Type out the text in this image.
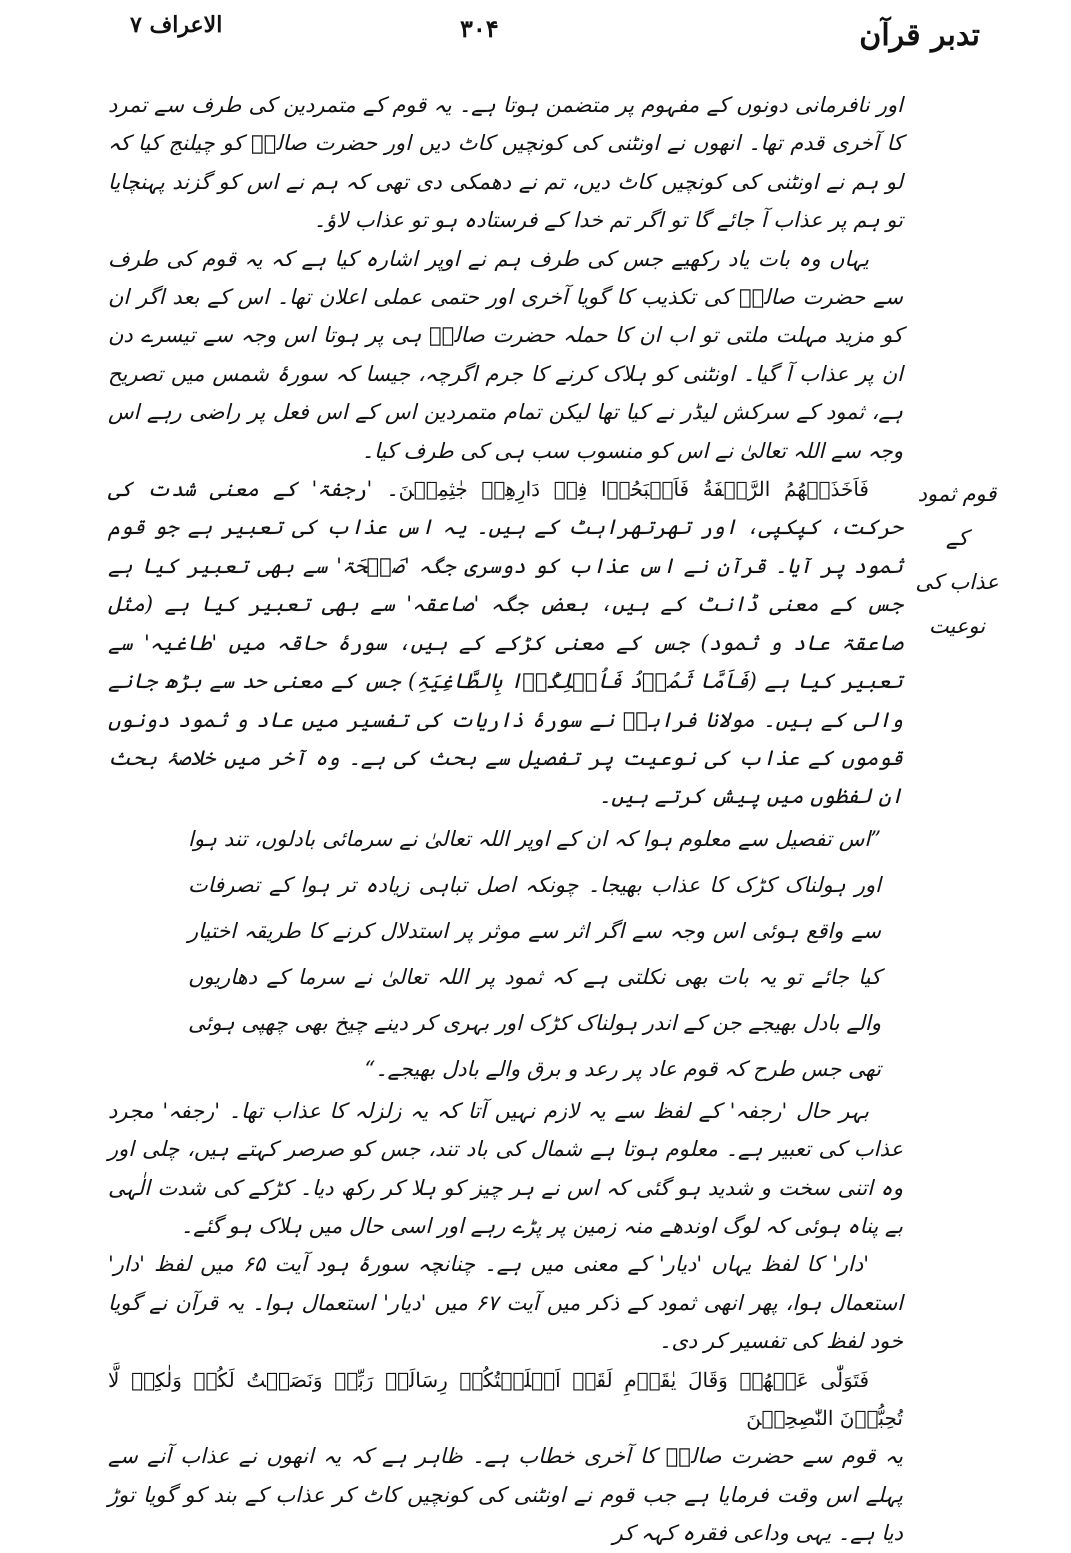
الاعراف ۷	۳۰۴	تدبر قرآن
قوم ثمود کے
عذاب کی
نوعیت

اور نافرمانی دونوں کے مفہوم پر متضمن ہوتا ہے۔ یہ قوم کے متمردین کی طرف سے تمرد کا آخری قدم تھا۔ انھوں نے اونٹنی کی کونچیں کاٹ دیں اور حضرت صالحؑ کو چیلنج کیا کہ لو ہم نے اونٹنی کی کونچیں کاٹ دیں، تم نے دھمکی دی تھی کہ ہم نے اس کو گزند پہنچایا تو ہم پر عذاب آ جائے گا تو اگر تم خدا کے فرستادہ ہو تو عذاب لاؤ۔

یہاں وہ بات یاد رکھیے جس کی طرف ہم نے اوپر اشارہ کیا ہے کہ یہ قوم کی طرف سے حضرت صالحؑ کی تکذیب کا گویا آخری اور حتمی عملی اعلان تھا۔ اس کے بعد اگر ان کو مزید مہلت ملتی تو اب ان کا حملہ حضرت صالحؑ ہی پر ہوتا اس وجہ سے تیسرے دن ان پر عذاب آ گیا۔ اونٹنی کو ہلاک کرنے کا جرم اگرچہ، جیسا کہ سورۂ شمس میں تصریح ہے، ثمود کے سرکش لیڈر نے کیا تھا لیکن تمام متمردین اس کے اس فعل پر راضی رہے اس وجہ سے اللہ تعالیٰ نے اس کو منسوب سب ہی کی طرف کیا۔

فَاَخَذَتۡهُمُ الرَّجۡفَةُ فَاَصۡبَحُوۡا فِیۡ دَارِهِمۡ جٰثِمِیۡنَ۔ 'رجفۃ' کے معنی شدت کی حرکت، کپکپی، اور تھرتھراہٹ کے ہیں۔ یہ اس عذاب کی تعبیر ہے جو قوم ثمود پر آیا۔ قرآن نے اس عذاب کو دوسری جگہ 'صَیۡحَۃ' سے بھی تعبیر کیا ہے جس کے معنی ڈانٹ کے ہیں، بعض جگہ 'صاعقہ' سے بھی تعبیر کیا ہے (مثل صاعقۃ عاد و ثمود) جس کے معنی کڑکے کے ہیں، سورۂ حاقہ میں 'طاغیہ' سے تعبیر کیا ہے (فَاَمَّا ثَمُوۡدُ فَاُهۡلِکُوۡا بِالطَّاغِیَۃِ) جس کے معنی حد سے بڑھ جانے والی کے ہیں۔ مولانا فراہیؒ نے سورۂ ذاریات کی تفسیر میں عاد و ثمود دونوں قوموں کے عذاب کی نوعیت پر تفصیل سے بحث کی ہے۔ وہ آخر میں خلاصۂ بحث ان لفظوں میں پیش کرتے ہیں۔

”اس تفصیل سے معلوم ہوا کہ ان کے اوپر اللہ تعالیٰ نے سرمائی بادلوں، تند ہوا اور ہولناک کڑک کا عذاب بھیجا۔ چونکہ اصل تباہی زیادہ تر ہوا کے تصرفات سے واقع ہوئی اس وجہ سے اگر اثر سے موثر پر استدلال کرنے کا طریقہ اختیار کیا جائے تو یہ بات بھی نکلتی ہے کہ ثمود پر اللہ تعالیٰ نے سرما کے دھاریوں والے بادل بھیجے جن کے اندر ہولناک کڑک اور بہری کر دینے چیخ بھی چھپی ہوئی تھی جس طرح کہ قوم عاد پر رعد و برق والے بادل بھیجے۔“

بہر حال 'رجفہ' کے لفظ سے یہ لازم نہیں آتا کہ یہ زلزلہ کا عذاب تھا۔ 'رجفہ' مجرد عذاب کی تعبیر ہے۔ معلوم ہوتا ہے شمال کی باد تند، جس کو صرصر کہتے ہیں، چلی اور وہ اتنی سخت و شدید ہو گئی کہ اس نے ہر چیز کو ہلا کر رکھ دیا۔ کڑکے کی شدت الٰہی بے پناہ ہوئی کہ لوگ اوندھے منہ زمین پر پڑے رہے اور اسی حال میں ہلاک ہو گئے۔

'دار' کا لفظ یہاں 'دیار' کے معنی میں ہے۔ چنانچہ سورۂ ہود آیت ۶۵ میں لفظ 'دار' استعمال ہوا، پھر انھی ثمود کے ذکر میں آیت ۶۷ میں 'دیار' استعمال ہوا۔ یہ قرآن نے گویا خود لفظ کی تفسیر کر دی۔

فَتَوَلّٰی عَنۡهُمۡ وَقَالَ یٰقَوۡمِ لَقَدۡ اَبۡلَغۡتُکُمۡ رِسَالَۃَ رَبِّیۡ وَنَصَحۡتُ لَکُمۡ وَلٰکِنۡ لَّا تُحِبُّوۡنَ النّٰصِحِیۡنَ

یہ قوم سے حضرت صالحؑ کا آخری خطاب ہے۔ ظاہر ہے کہ یہ انھوں نے عذاب آنے سے پہلے اس وقت فرمایا ہے جب قوم نے اونٹنی کی کونچیں کاٹ کر عذاب کے بند کو گویا توڑ دیا ہے۔ یہی وداعی فقرہ کہہ کر
